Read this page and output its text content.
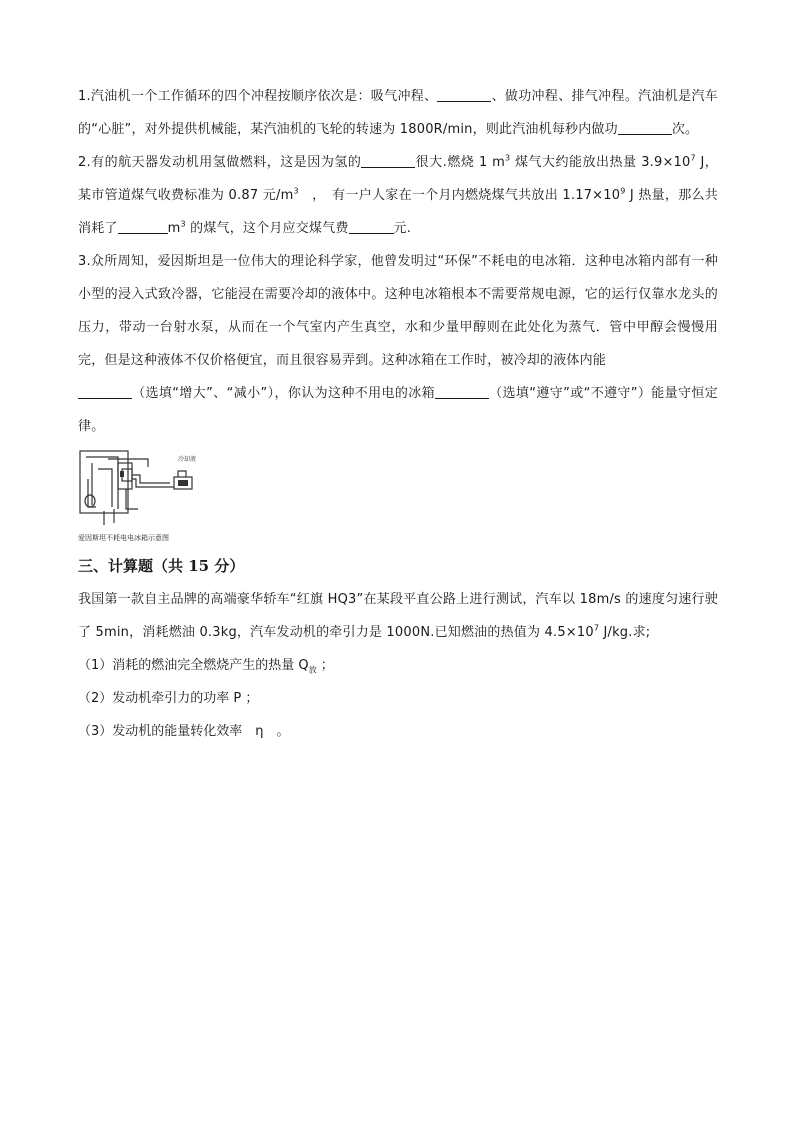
1.汽油机一个工作循环的四个冲程按顺序依次是：吸气冲程、	、做功冲程、排气冲程。汽油机是汽车的“心脏”，对外提供机械能，某汽油机的飞轮的转速为 1800R/min，则此汽油机每秒内做功	次。

2.有的航天器发动机用氢做燃料，这是因为氢的	很大.燃烧 1 $m^3$ 煤气大约能放出热量 $3.9\times 10^7$ J，某市管道煤气收费标准为 0.87 元$/m^3$　，　有一户人家在一个月内燃烧煤气共放出 $1.17\times 10^9$ J 热量，那么共消耗了	$m^3$ 的煤气，这个月应交煤气费	元.

3.众所周知，爱因斯坦是一位伟大的理论科学家，他曾发明过“环保”不耗电的电冰箱．这种电冰箱内部有一种小型的浸入式致冷器，它能浸在需要冷却的液体中。这种电冰箱根本不需要常规电源，它的运行仅靠水龙头的压力，带动一台射水泵，从而在一个气室内产生真空，水和少量甲醇则在此处化为蒸气．管中甲醇会慢慢用完，但是这种液体不仅价格便宜，而且很容易弄到。这种冰箱在工作时，被冷却的液体内能
（选填“增大”、“减小”），你认为这种不用电的冰箱	（选填“遵守”或“不遵守”）能量守恒定律。

冷却液
爱因斯坦不耗电电冰箱示意图
三、计算题（共 15 分）

我国第一款自主品牌的高端豪华轿车“红旗 HQ3”在某段平直公路上进行测试，汽车以 18m/s 的速度匀速行驶了 5min，消耗燃油 0.3kg，汽车发动机的牵引力是 1000N.已知燃油的热值为 $4.5\times 10^7$ J/kg.求;

（1）消耗的燃油完全燃烧产生的热量 $Q_放$ ；

（2）发动机牵引力的功率 P ；

（3）发动机的能量转化效率　η　。
